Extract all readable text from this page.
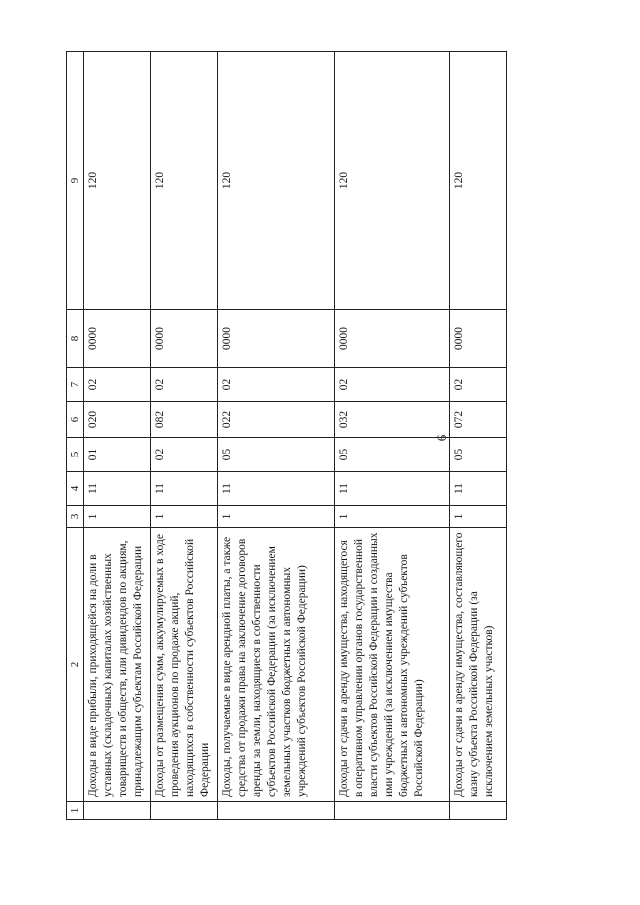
6
1	2	3	4	5	6	7	8	9
	Доходы в виде прибыли, приходящейся на доли в уставных (складочных) капиталах хозяйственных товариществ и обществ, или дивидендов по акциям, принадлежащим субъектам Российской Федерации	1	11	01	020	02	0000	120
	Доходы от размещения сумм, аккумулируемых в ходе проведения аукционов по продаже акций, находящихся в собственности субъектов Российской Федерации	1	11	02	082	02	0000	120
	Доходы, получаемые в виде арендной платы, а также средства от продажи права на заключение договоров аренды за земли, находящиеся в собственности субъектов Российской Федерации (за исключением земельных участков бюджетных и автономных учреждений субъектов Российской Федерации)	1	11	05	022	02	0000	120
	Доходы от сдачи в аренду имущества, находящегося в оперативном управлении органов государственной власти субъектов Российской Федерации и созданных ими учреждений (за исключением имущества бюджетных и автономных учреждений субъектов Российской Федерации)	1	11	05	032	02	0000	120
	Доходы от сдачи в аренду имущества, составляющего казну субъекта Российской Федерации (за исключением земельных участков)	1	11	05	072	02	0000	120
